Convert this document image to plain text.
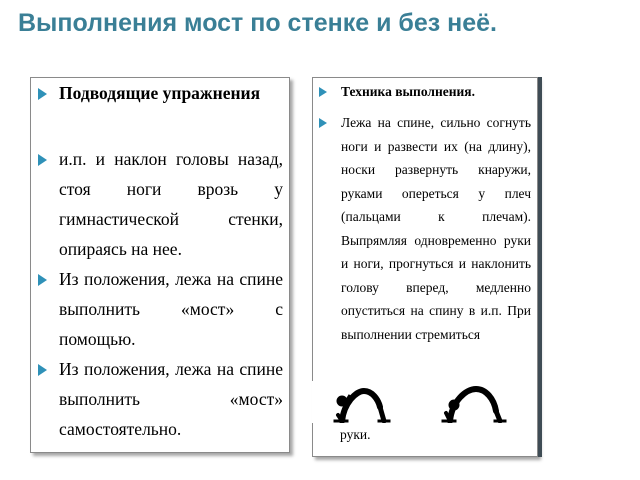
Выполнения мост по стенке и без неё.
Подводящие упражнения
и.п. и наклон головы назад, стоя ноги врозь у гимнастической стенки, опираясь на нее.
Из положения, лежа на спине выполнить «мост» с помощью.
Из положения, лежа на спине выполнить «мост» самостоятельно.
Техника выполнения.
Лежа на спине, сильно согнуть ноги и развести их (на длину), носки развернуть кнаружи, руками опереться у плеч (пальцами к плечам). Выпрямляя одновременно руки и ноги, прогнуться и наклонить голову вперед, медленно опуститься на спину в и.п. При выполнении стремиться
руки.
